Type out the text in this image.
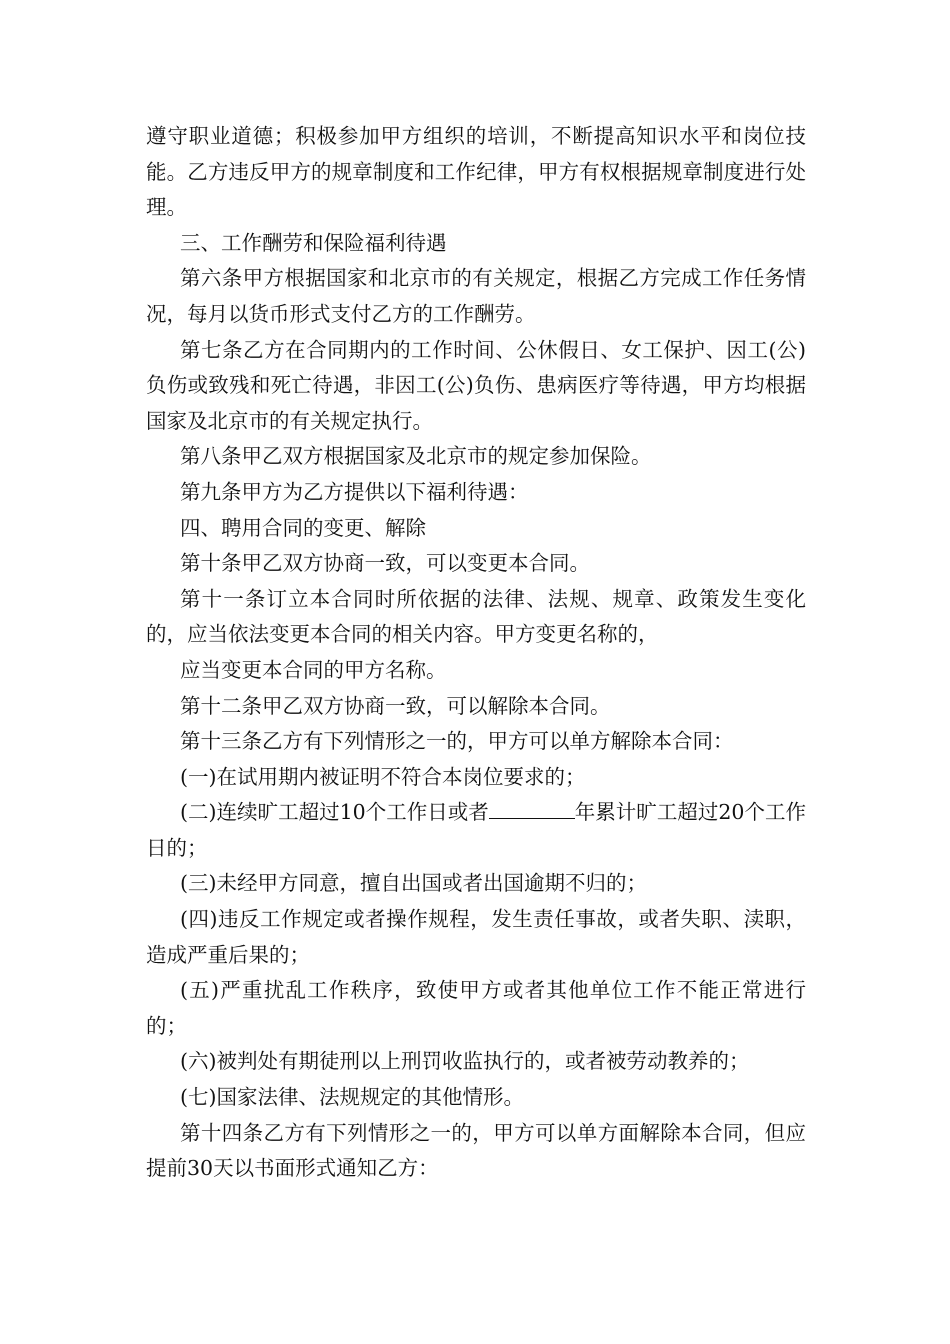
遵守职业道德；积极参加甲方组织的培训，不断提高知识水平和岗位技能。乙方违反甲方的规章制度和工作纪律，甲方有权根据规章制度进行处理。

三、工作酬劳和保险福利待遇

第六条甲方根据国家和北京市的有关规定，根据乙方完成工作任务情况，每月以货币形式支付乙方的工作酬劳。

第七条乙方在合同期内的工作时间、公休假日、女工保护、因工(公)负伤或致残和死亡待遇，非因工(公)负伤、患病医疗等待遇，甲方均根据国家及北京市的有关规定执行。

第八条甲乙双方根据国家及北京市的规定参加保险。

第九条甲方为乙方提供以下福利待遇：

四、聘用合同的变更、解除

第十条甲乙双方协商一致，可以变更本合同。

第十一条订立本合同时所依据的法律、法规、规章、政策发生变化的，应当依法变更本合同的相关内容。甲方变更名称的，

应当变更本合同的甲方名称。

第十二条甲乙双方协商一致，可以解除本合同。

第十三条乙方有下列情形之一的，甲方可以单方解除本合同：

(一)在试用期内被证明不符合本岗位要求的；

(二)连续旷工超过10个工作日或者	年累计旷工超过20个工作日的；

(三)未经甲方同意，擅自出国或者出国逾期不归的；

(四)违反工作规定或者操作规程，发生责任事故，或者失职、渎职，造成严重后果的；

(五)严重扰乱工作秩序，致使甲方或者其他单位工作不能正常进行的；

(六)被判处有期徒刑以上刑罚收监执行的，或者被劳动教养的；

(七)国家法律、法规规定的其他情形。

第十四条乙方有下列情形之一的，甲方可以单方面解除本合同，但应提前30天以书面形式通知乙方：
